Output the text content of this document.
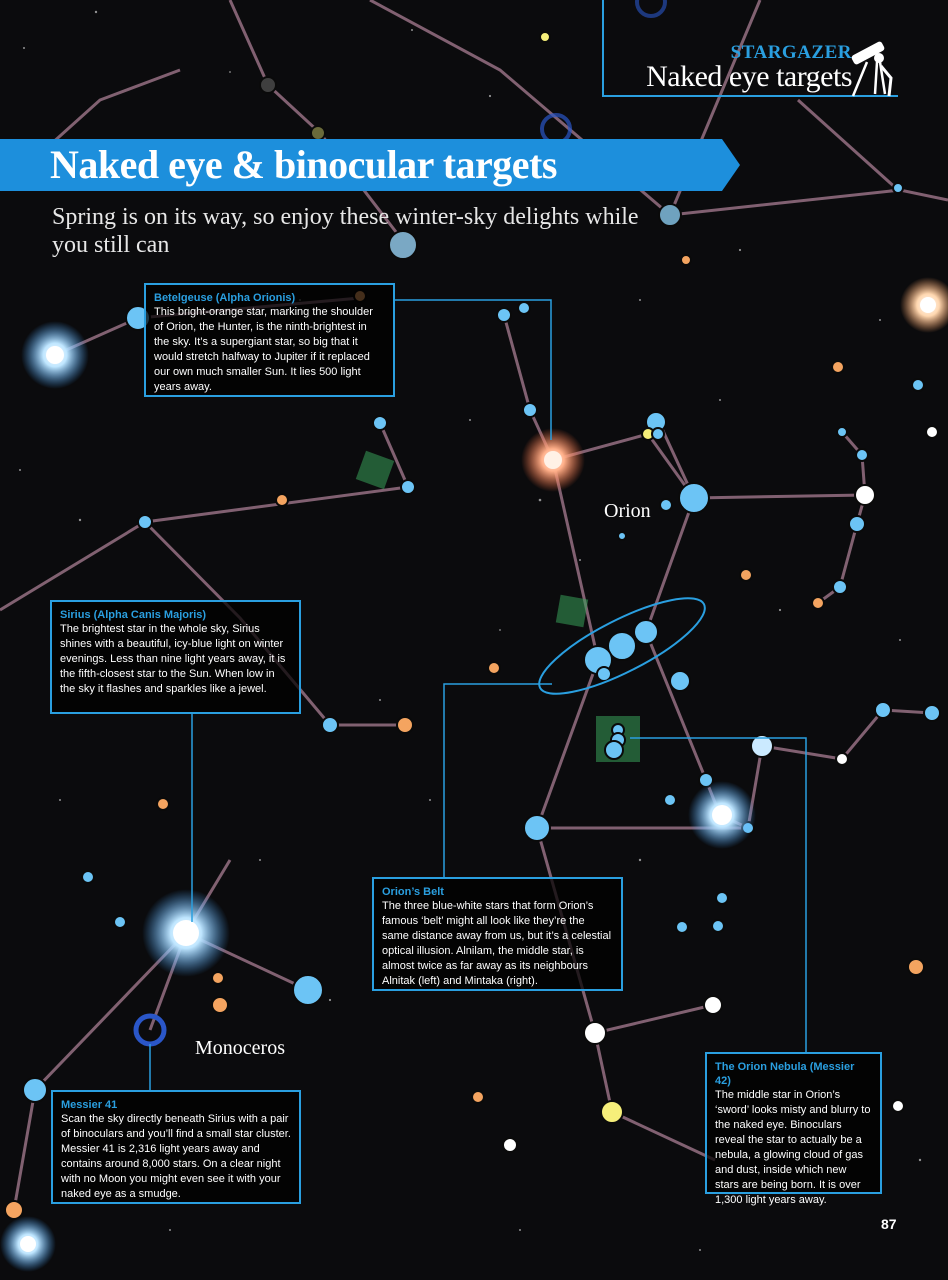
STARGAZER
Naked eye targets
Naked eye & binocular targets
Spring is on its way, so enjoy these winter-sky delights while you still can
Orion
Monoceros
Betelgeuse (Alpha Orionis)
This bright-orange star, marking the shoulder of Orion, the Hunter, is the ninth-brightest in the sky. It’s a supergiant star, so big that it would stretch halfway to Jupiter if it replaced our own much smaller Sun. It lies 500 light years away.
Sirius (Alpha Canis Majoris)
The brightest star in the whole sky, Sirius shines with a beautiful, icy-blue light on winter evenings. Less than nine light years away, it is the fifth-closest star to the Sun. When low in the sky it flashes and sparkles like a jewel.
Orion’s Belt
The three blue-white stars that form Orion’s famous ‘belt’ might all look like they’re the same distance away from us, but it’s a celestial optical illusion. Alnilam, the middle star, is almost twice as far away as its neighbours Alnitak (left) and Mintaka (right).
Messier 41
Scan the sky directly beneath Sirius with a pair of binoculars and you’ll find a small star cluster. Messier 41 is 2,316 light years away and contains around 8,000 stars. On a clear night with no Moon you might even see it with your naked eye as a smudge.
The Orion Nebula (Messier 42)
The middle star in Orion’s ‘sword’ looks misty and blurry to the naked eye. Binoculars reveal the star to actually be a nebula, a glowing cloud of gas and dust, inside which new stars are being born. It is over 1,300 light years away.
87
